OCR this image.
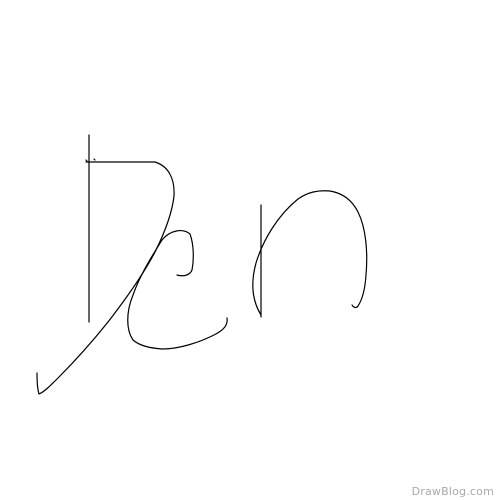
DrawBlog.com
